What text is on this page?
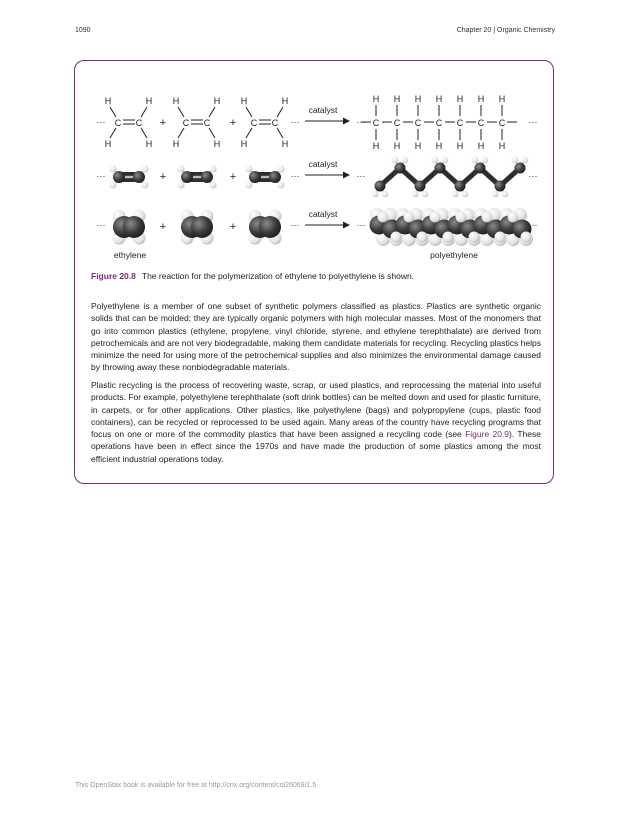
1090	Chapter 20 | Organic Chemistry
···
H	H
H	H
C C +
H	H
H	H
C C +
H	H
H	H
C C ···
catalyst
···
H
C
H
H
C
H
H
C
H
H
C
H
H
C
H
H
C
H
H
C
H
···
···	+	+	···
catalyst
···	···
···	+	+	···
catalyst
···	···
ethylene	polyethylene
Figure 20.8 The reaction for the polymerization of ethylene to polyethylene is shown.

Polyethylene is a member of one subset of synthetic polymers classified as plastics. Plastics are synthetic organic solids that can be molded; they are typically organic polymers with high molecular masses. Most of the monomers that go into common plastics (ethylene, propylene, vinyl chloride, styrene, and ethylene terephthalate) are derived from petrochemicals and are not very biodegradable, making them candidate materials for recycling. Recycling plastics helps minimize the need for using more of the petrochemical supplies and also minimizes the environmental damage caused by throwing away these nonbiodegradable materials.

Plastic recycling is the process of recovering waste, scrap, or used plastics, and reprocessing the material into useful products. For example, polyethylene terephthalate (soft drink bottles) can be melted down and used for plastic furniture, in carpets, or for other applications. Other plastics, like polyethylene (bags) and polypropylene (cups, plastic food containers), can be recycled or reprocessed to be used again. Many areas of the country have recycling programs that focus on one or more of the commodity plastics that have been assigned a recycling code (see Figure 20.9). These operations have been in effect since the 1970s and have made the production of some plastics among the most efficient industrial operations today.

This OpenStax book is available for free at http://cnx.org/content/col26069/1.5
